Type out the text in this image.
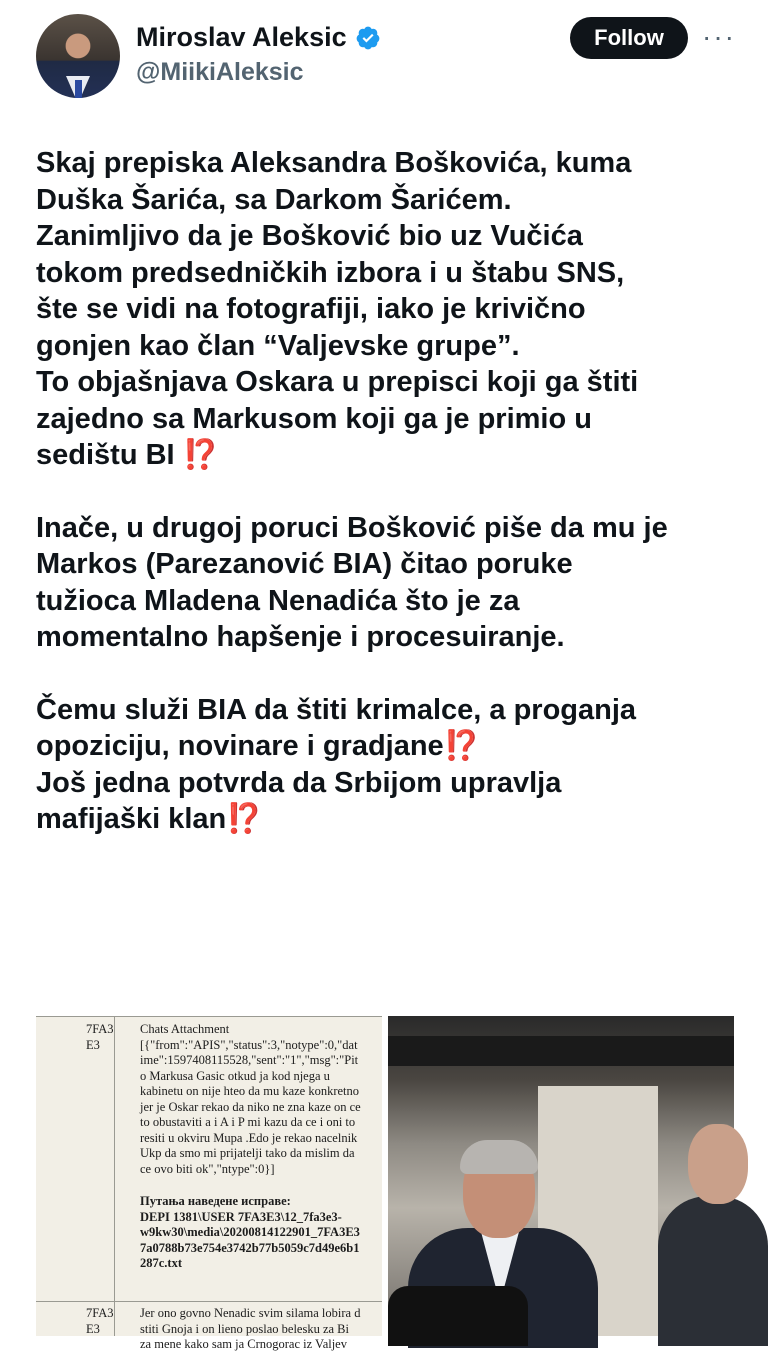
Miroslav Aleksic
@MiikiAleksic
Follow	···

Skaj prepiska Aleksandra Boškovića, kuma
Duška Šarića, sa Darkom Šarićem.
Zanimljivo da je Bošković bio uz Vučića
tokom predsedničkih izbora i u štabu SNS,
šte se vidi na fotografiji, iako je krivično
gonjen kao član “Valjevske grupe”.
To objašnjava Oskara u prepisci koji ga štiti
zajedno sa Markusom koji ga je primio u
sedištu BI ⁉️

Inače, u drugoj poruci Bošković piše da mu je
Markos (Parezanović BIA) čitao poruke
tužioca Mladena Nenadića što je za
momentalno hapšenje i procesuiranje.

Čemu služi BIA da štiti krimalce, a proganja
opoziciju, novinare i gradjane⁉️
Još jedna potvrda da Srbijom upravlja
mafijaški klan⁉️

7FA3 E3
Chats Attachment
[{"from":"APIS","status":3,"notype":0,"dat
ime":1597408115528,"sent":"1","msg":"Pit
o Markusa Gasic otkud ja kod njega u
kabinetu on nije hteo da mu kaze konkretno
jer je Oskar rekao da niko ne zna kaze on ce
to obustaviti a i A i P mi kazu da ce i oni to
resiti u okviru Mupa .Edo je rekao nacelnik
Ukp da smo mi prijatelji tako da mislim da
ce ovo biti ok","ntype":0}]
Путања наведене исправе:
DEPI 1381\USER 7FA3E3\12_7fa3e3-
w9kw30\media\20200814122901_7FA3E3
7a0788b73e754e3742b77b5059c7d49e6b1
287c.txt
7FA3 E3
Jer ono govno Nenadic svim silama lobira d
stiti Gnoja i on lieno poslao belesku za Bi
za mene kako sam ja Crnogorac iz Valjev
